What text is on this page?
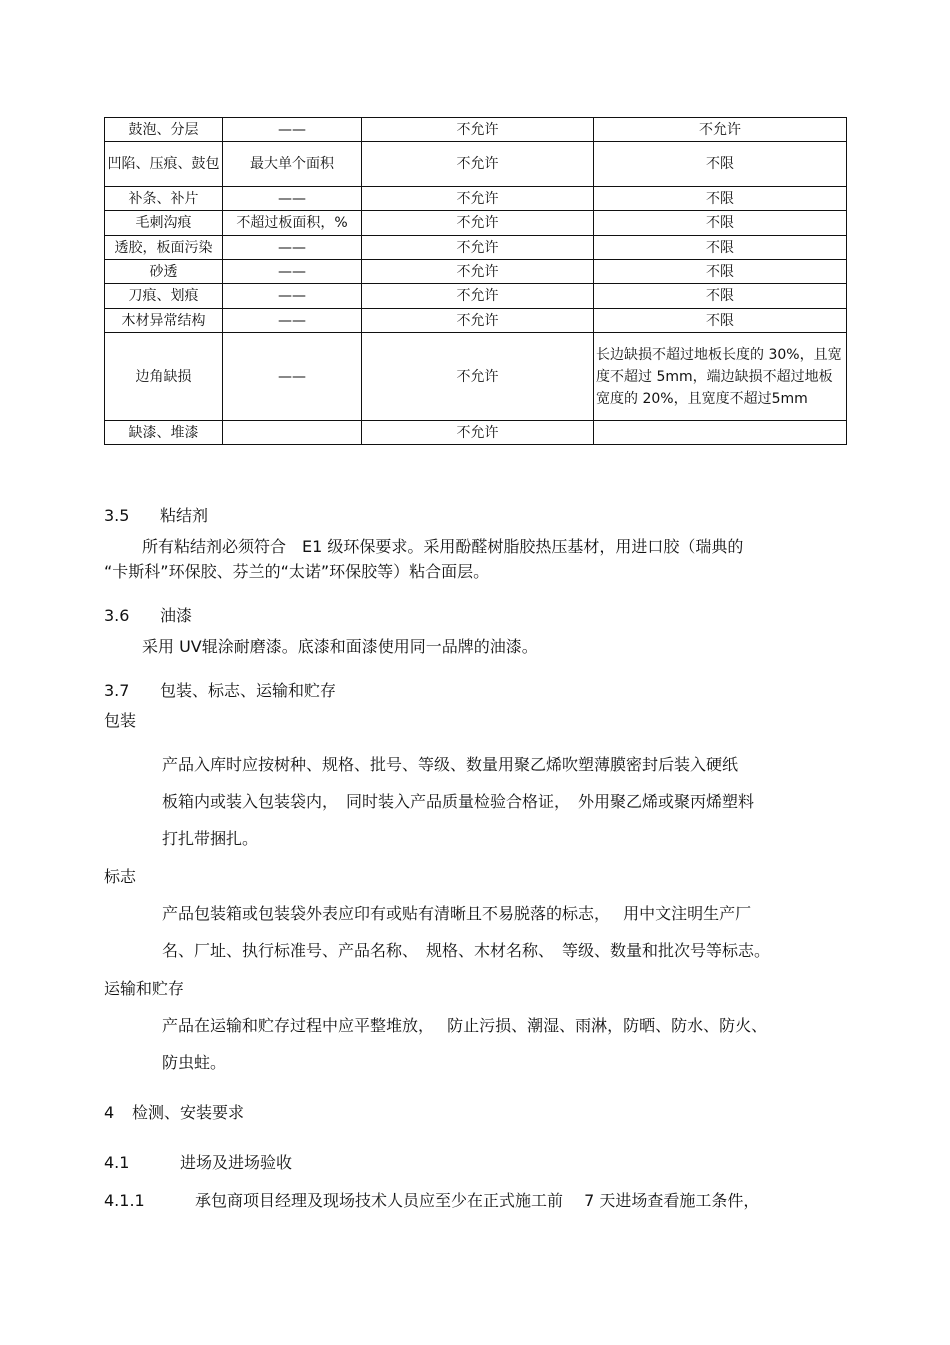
鼓泡、分层	——	不允许	不允许
凹陷、压痕、鼓包	最大单个面积	不允许	不限
补条、补片	——	不允许	不限
毛刺沟痕	不超过板面积，%	不允许	不限
透胶，板面污染	——	不允许	不限
砂透	——	不允许	不限
刀痕、划痕	——	不允许	不限
木材异常结构	——	不允许	不限
边角缺损	——	不允许	长边缺损不超过地板长度的 30%，且宽度不超过 5mm，端边缺损不超过地板宽度的 20%，且宽度不超过5mm
缺漆、堆漆		不允许	
3.5 粘结剂
所有粘结剂必须符合　E1 级环保要求。采用酚醛树脂胶热压基材，用进口胶（瑞典的
“卡斯科”环保胶、芬兰的“太诺”环保胶等）粘合面层。
3.6 油漆
采用 UV辊涂耐磨漆。底漆和面漆使用同一品牌的油漆。
3.7 包装、标志、运输和贮存
包装
产品入库时应按树种、规格、批号、等级、数量用聚乙烯吹塑薄膜密封后装入硬纸
板箱内或装入包装袋内，　同时装入产品质量检验合格证，　外用聚乙烯或聚丙烯塑料
打扎带捆扎。
标志
产品包装箱或包装袋外表应印有或贴有清晰且不易脱落的标志，　 用中文注明生产厂
名、厂址、执行标准号、产品名称、　规格、木材名称、　等级、数量和批次号等标志。
运输和贮存
产品在运输和贮存过程中应平整堆放，　 防止污损、潮湿、雨淋，防晒、防水、防火、
防虫蛀。
4 检测、安装要求
4.1	进场及进场验收
4.1.1	承包商项目经理及现场技术人员应至少在正式施工前　 7 天进场查看施工条件，
